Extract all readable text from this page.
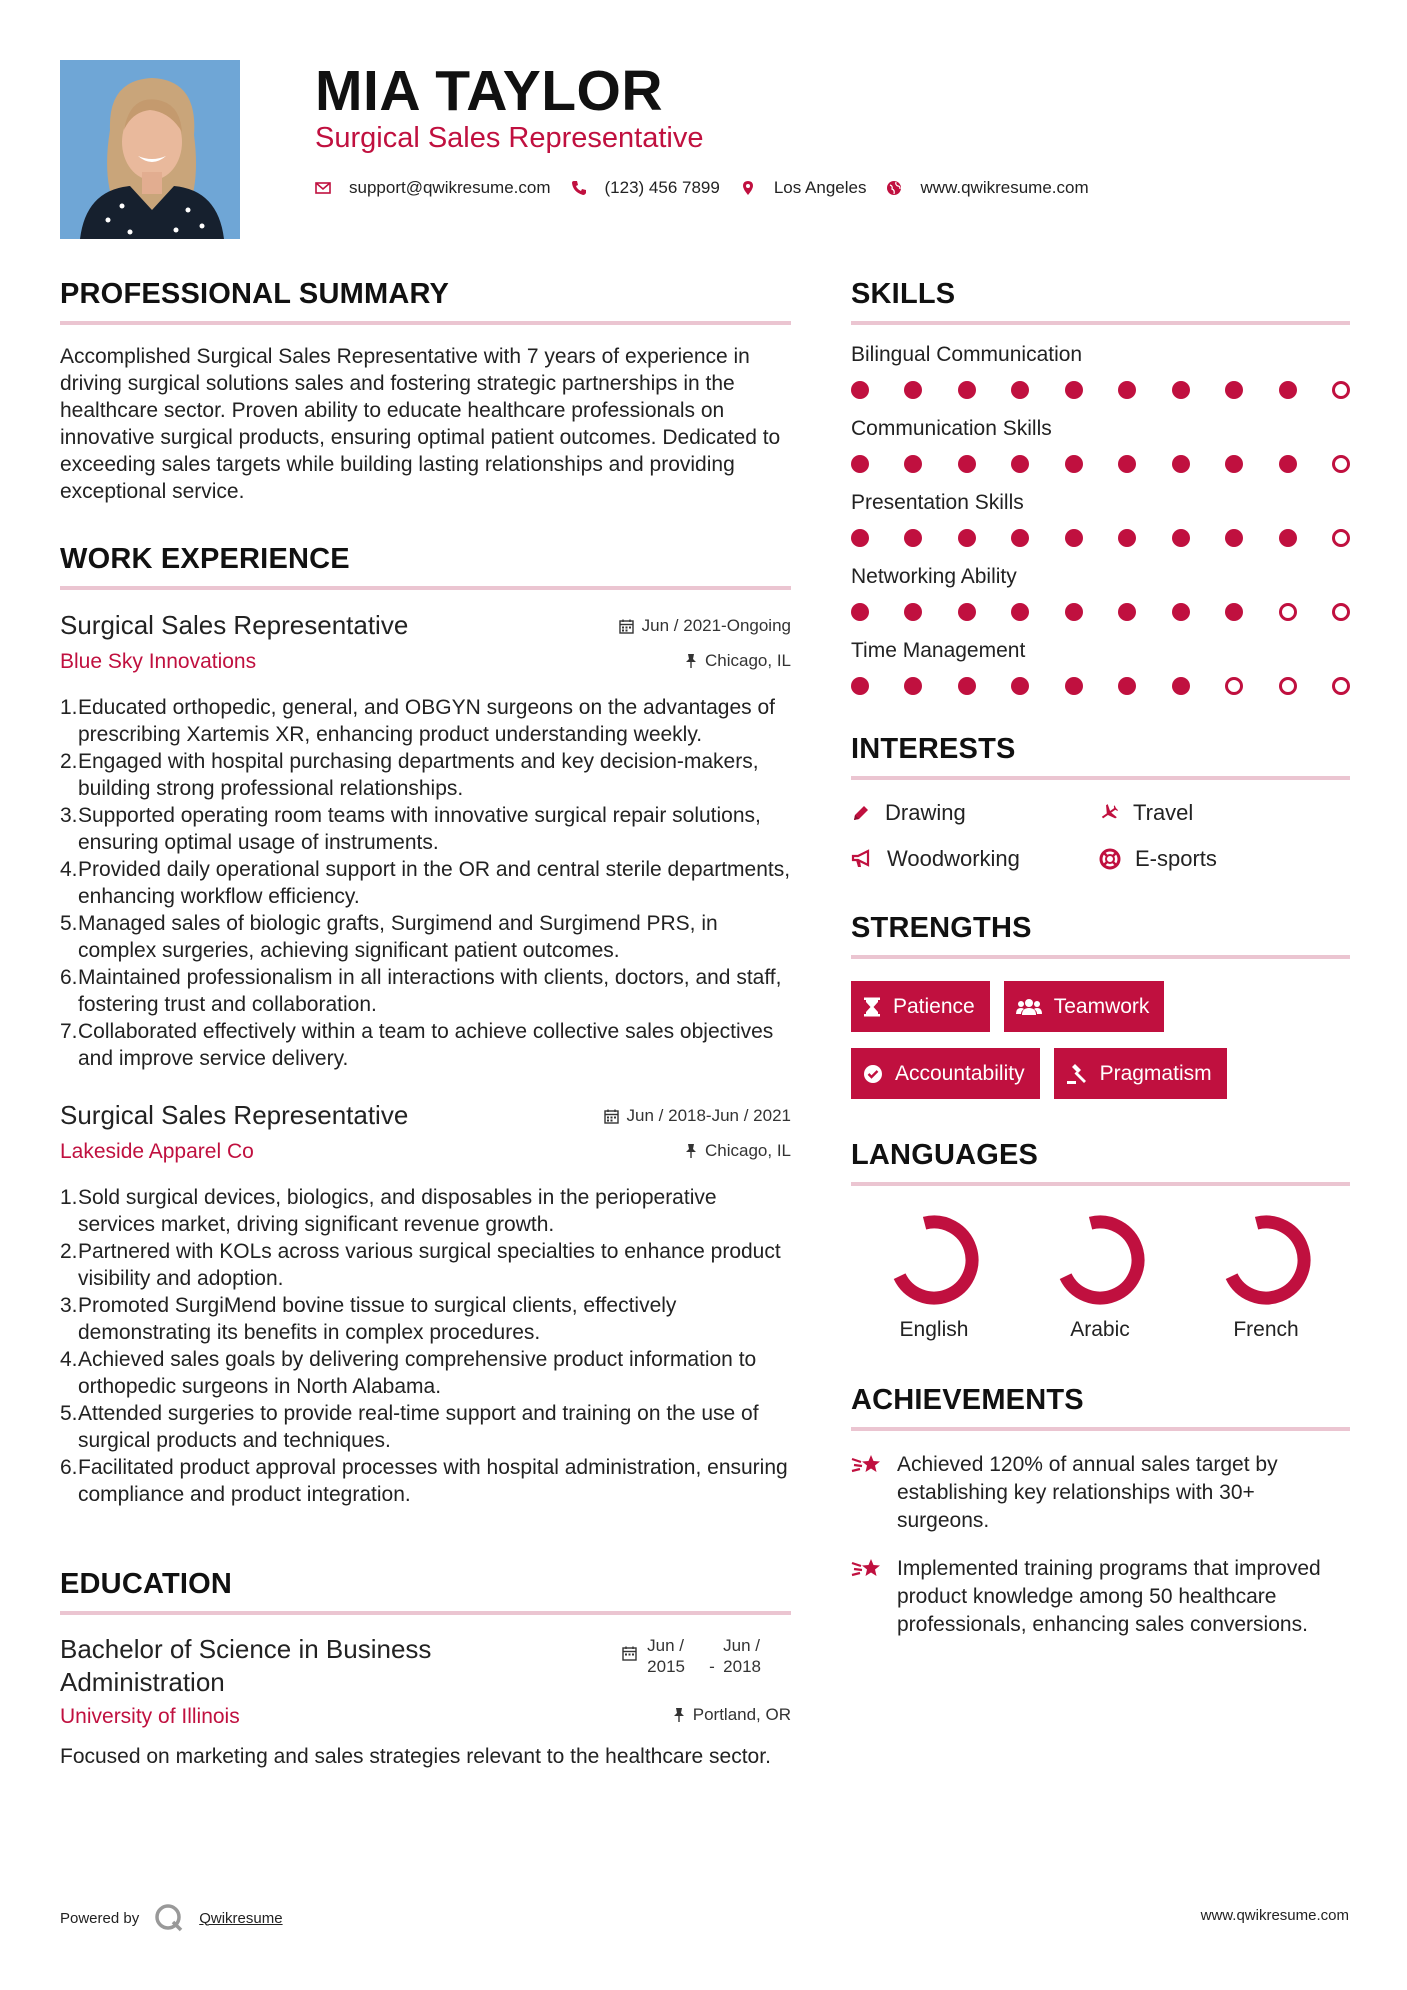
MIA TAYLOR
Surgical Sales Representative
support@qwikresume.com	(123) 456 7899	Los Angeles	www.qwikresume.com
PROFESSIONAL SUMMARY
Accomplished Surgical Sales Representative with 7 years of experience in driving surgical solutions sales and fostering strategic partnerships in the healthcare sector. Proven ability to educate healthcare professionals on innovative surgical products, ensuring optimal patient outcomes. Dedicated to exceeding sales targets while building lasting relationships and providing exceptional service.
WORK EXPERIENCE
Surgical Sales Representative
Blue Sky Innovations
Jun / 2021-Ongoing
Chicago, IL
1.Educated orthopedic, general, and OBGYN surgeons on the advantages of prescribing Xartemis XR, enhancing product understanding weekly.
2.Engaged with hospital purchasing departments and key decision-makers, building strong professional relationships.
3.Supported operating room teams with innovative surgical repair solutions, ensuring optimal usage of instruments.
4.Provided daily operational support in the OR and central sterile departments, enhancing workflow efficiency.
5.Managed sales of biologic grafts, Surgimend and Surgimend PRS, in complex surgeries, achieving significant patient outcomes.
6.Maintained professionalism in all interactions with clients, doctors, and staff, fostering trust and collaboration.
7.Collaborated effectively within a team to achieve collective sales objectives and improve service delivery.
Surgical Sales Representative
Lakeside Apparel Co
Jun / 2018-Jun / 2021
Chicago, IL
1.Sold surgical devices, biologics, and disposables in the perioperative services market, driving significant revenue growth.
2.Partnered with KOLs across various surgical specialties to enhance product visibility and adoption.
3.Promoted SurgiMend bovine tissue to surgical clients, effectively demonstrating its benefits in complex procedures.
4.Achieved sales goals by delivering comprehensive product information to orthopedic surgeons in North Alabama.
5.Attended surgeries to provide real-time support and training on the use of surgical products and techniques.
6.Facilitated product approval processes with hospital administration, ensuring compliance and product integration.
EDUCATION
Bachelor of Science in Business Administration
University of Illinois
Jun /
2015
	-
Jun /
2018
Portland, OR
Focused on marketing and sales strategies relevant to the healthcare sector.
SKILLS
Bilingual Communication
Communication Skills
Presentation Skills
Networking Ability
Time Management
INTERESTS
Drawing	Travel
Woodworking	E-sports
STRENGTHS
Patience	Teamwork
Accountability	Pragmatism
LANGUAGES
English	Arabic	French
ACHIEVEMENTS
Achieved 120% of annual sales target by establishing key relationships with 30+ surgeons.
Implemented training programs that improved product knowledge among 50 healthcare professionals, enhancing sales conversions.
Powered by	Qwikresume	www.qwikresume.com
